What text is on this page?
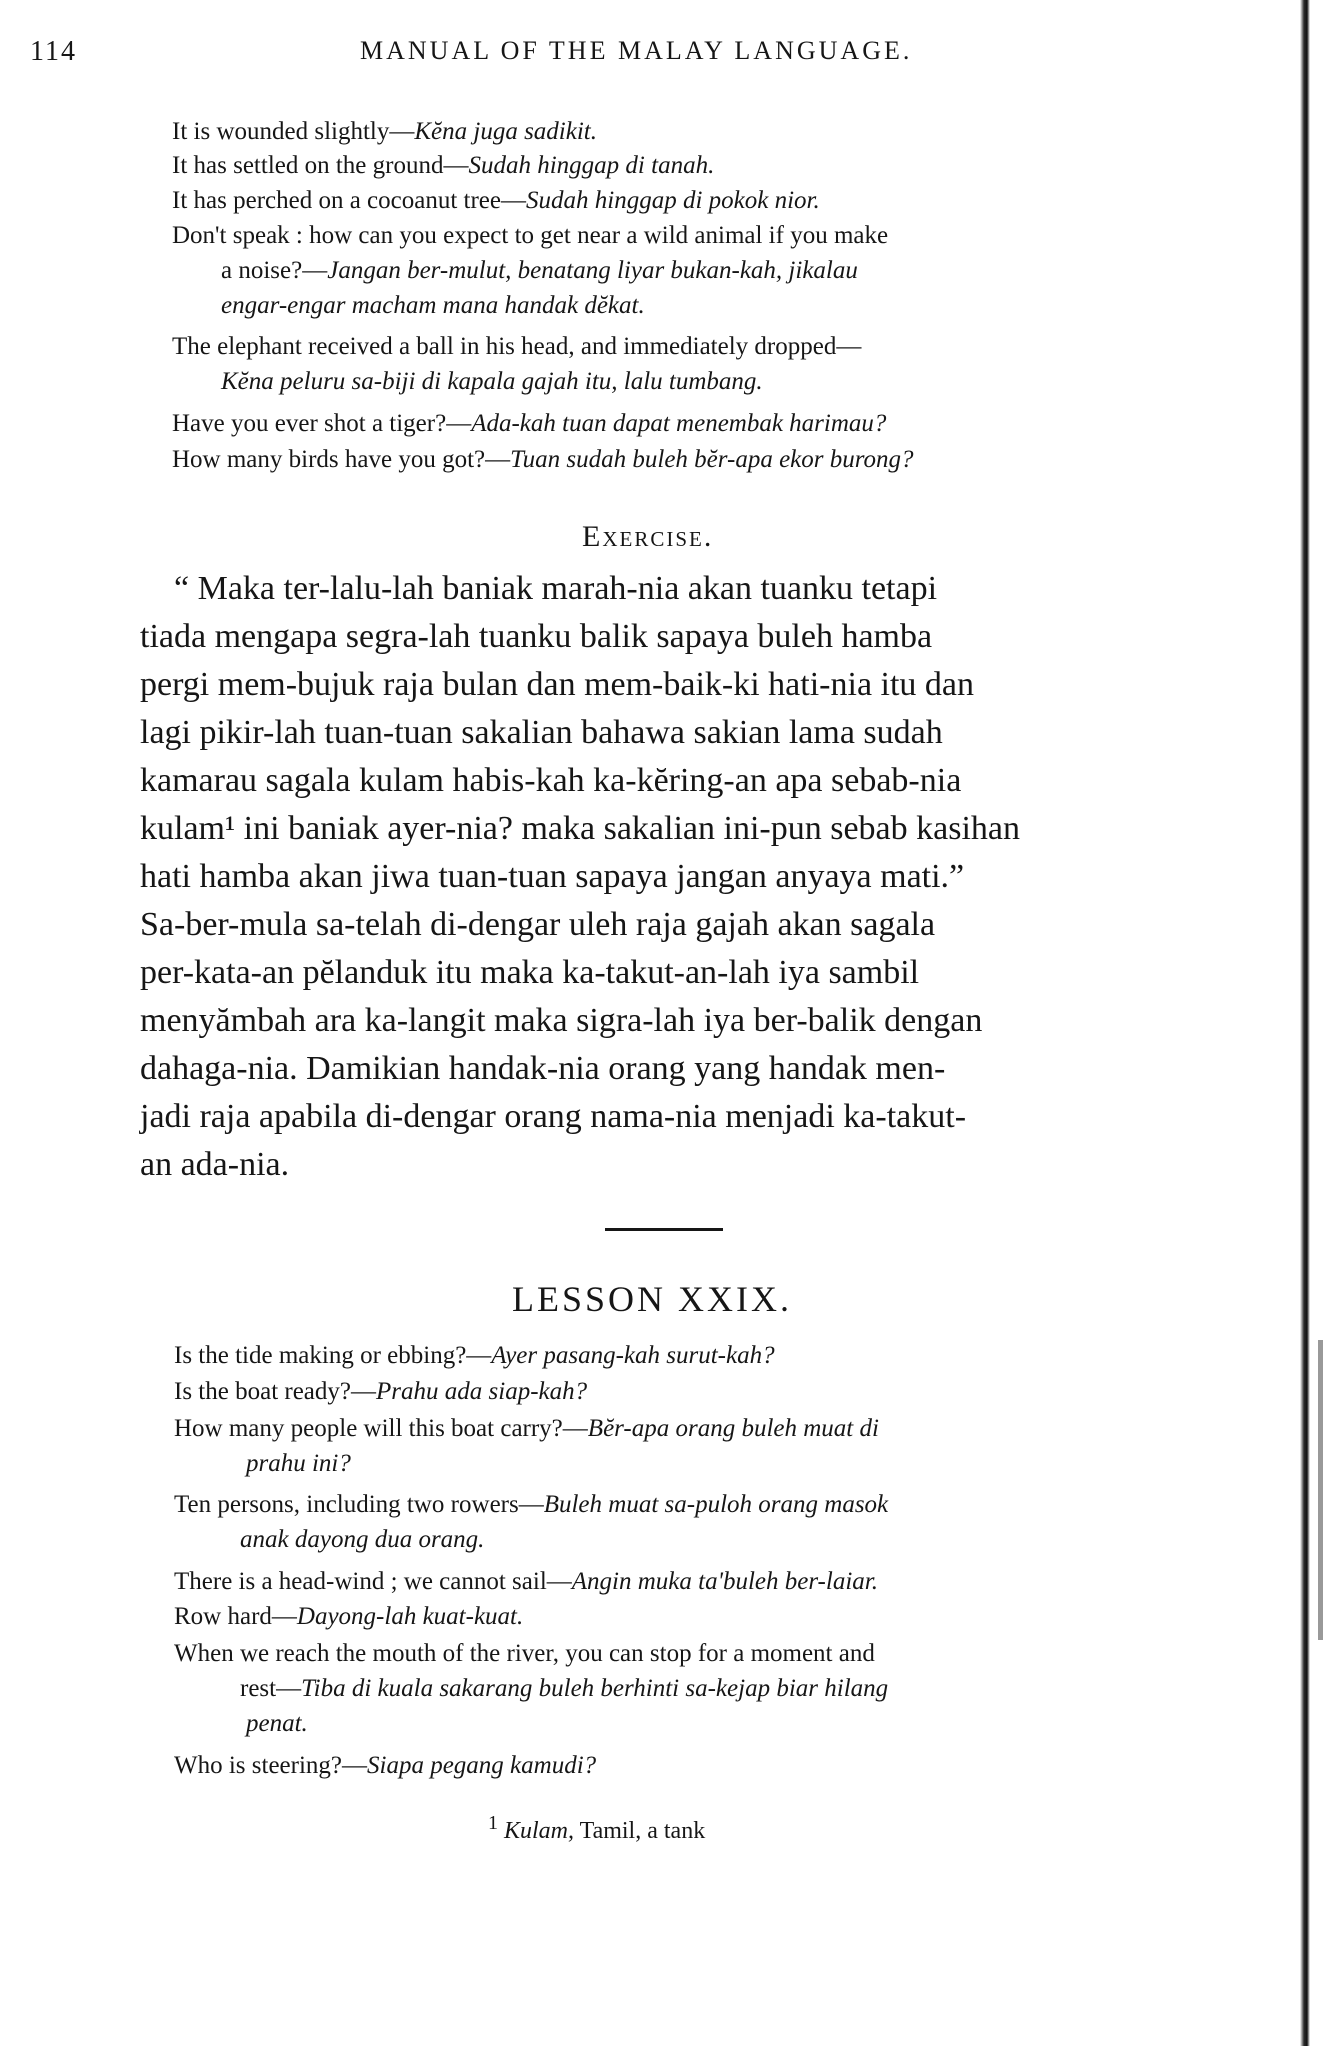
114	MANUAL OF THE MALAY LANGUAGE.
It is wounded slightly—Kĕna juga sadikit.
It has settled on the ground—Sudah hinggap di tanah.
It has perched on a cocoanut tree—Sudah hinggap di pokok nior.
Don't speak : how can you expect to get near a wild animal if you make
a noise?—Jangan ber-mulut, benatang liyar bukan-kah, jikalau
engar-engar macham mana handak dĕkat.
The elephant received a ball in his head, and immediately dropped—
Kĕna peluru sa-biji di kapala gajah itu, lalu tumbang.
Have you ever shot a tiger?—Ada-kah tuan dapat menembak harimau?
How many birds have you got?—Tuan sudah buleh bĕr-apa ekor burong?
Exercise.
“ Maka ter-lalu-lah baniak marah-nia akan tuanku tetapi
tiada mengapa segra-lah tuanku balik sapaya buleh hamba
pergi mem-bujuk raja bulan dan mem-baik-ki hati-nia itu dan
lagi pikir-lah tuan-tuan sakalian bahawa sakian lama sudah
kamarau sagala kulam habis-kah ka-kĕring-an apa sebab-nia
kulam¹ ini baniak ayer-nia? maka sakalian ini-pun sebab kasihan
hati hamba akan jiwa tuan-tuan sapaya jangan anyaya mati.”
Sa-ber-mula sa-telah di-dengar uleh raja gajah akan sagala
per-kata-an pĕlanduk itu maka ka-takut-an-lah iya sambil
menyămbah ara ka-langit maka sigra-lah iya ber-balik dengan
dahaga-nia. Damikian handak-nia orang yang handak men-
jadi raja apabila di-dengar orang nama-nia menjadi ka-takut-
an ada-nia.
LESSON XXIX.
Is the tide making or ebbing?—Ayer pasang-kah surut-kah?
Is the boat ready?—Prahu ada siap-kah?
How many people will this boat carry?—Bĕr-apa orang buleh muat di
prahu ini?
Ten persons, including two rowers—Buleh muat sa-puloh orang masok
anak dayong dua orang.
There is a head-wind ; we cannot sail—Angin muka ta'buleh ber-laiar.
Row hard—Dayong-lah kuat-kuat.
When we reach the mouth of the river, you can stop for a moment and
rest—Tiba di kuala sakarang buleh berhinti sa-kejap biar hilang
penat.
Who is steering?—Siapa pegang kamudi?
$^1$ Kulam, Tamil, a tank
